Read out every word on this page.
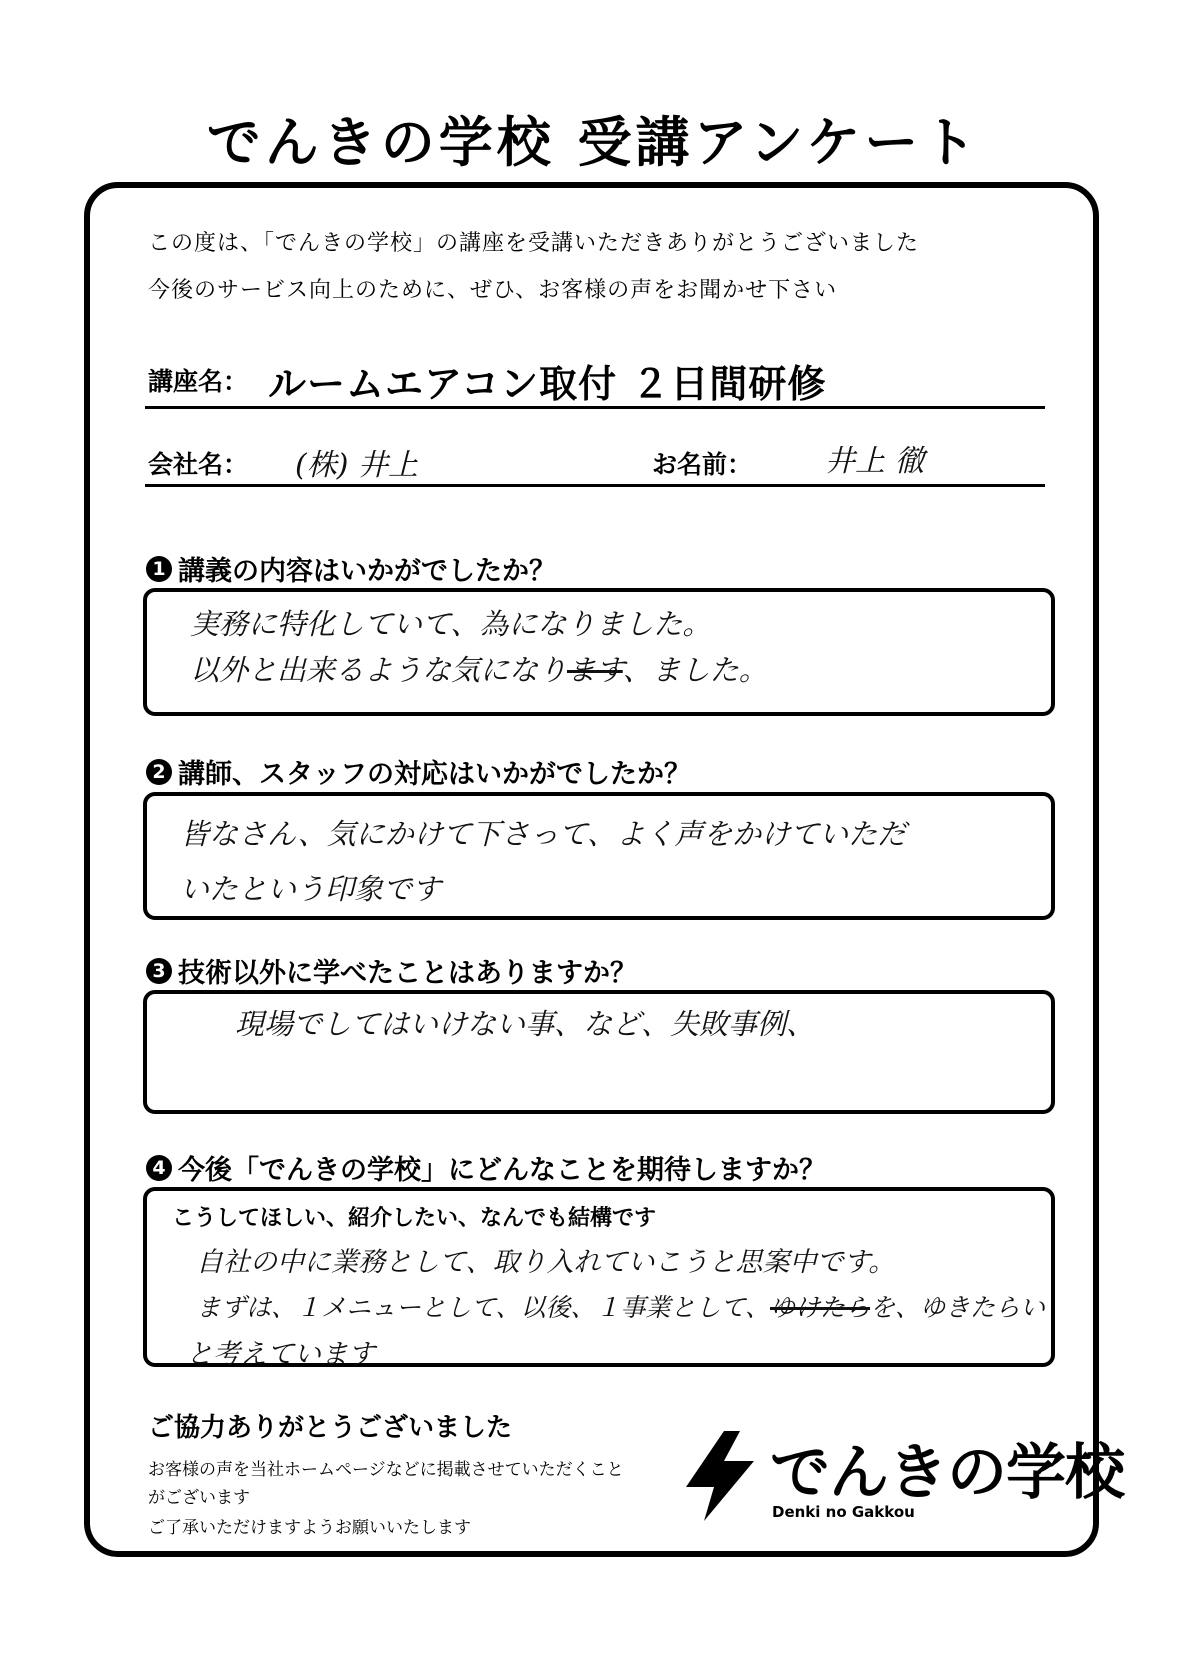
でんきの学校 受講アンケート
この度は、「でんきの学校」の講座を受講いただきありがとうございました
今後のサービス向上のために、ぜひ、お客様の声をお聞かせ下さい
講座名： ルームエアコン取付 ２日間研修
会社名： (株) 井上	お名前： 井上 徹
1 講義の内容はいかがでしたか？
実務に特化していて、為になりました。
以外と出来るような気になります、ました。
2 講師、スタッフの対応はいかがでしたか？
皆なさん、気にかけて下さって、よく声をかけていただ
いたという印象です
3 技術以外に学べたことはありますか？
現場でしてはいけない事、など、失敗事例、
4 今後「でんきの学校」にどんなことを期待しますか？
こうしてほしい、紹介したい、なんでも結構です
自社の中に業務として、取り入れていこうと思案中です。
まずは、１メニューとして、以後、１事業として、ゆけたらを、ゆきたらい
と考えています
ご協力ありがとうございました
お客様の声を当社ホームページなどに掲載させていただくこと
がございます
ご了承いただけますようお願いいたします
でんきの学校
Denki no Gakkou
